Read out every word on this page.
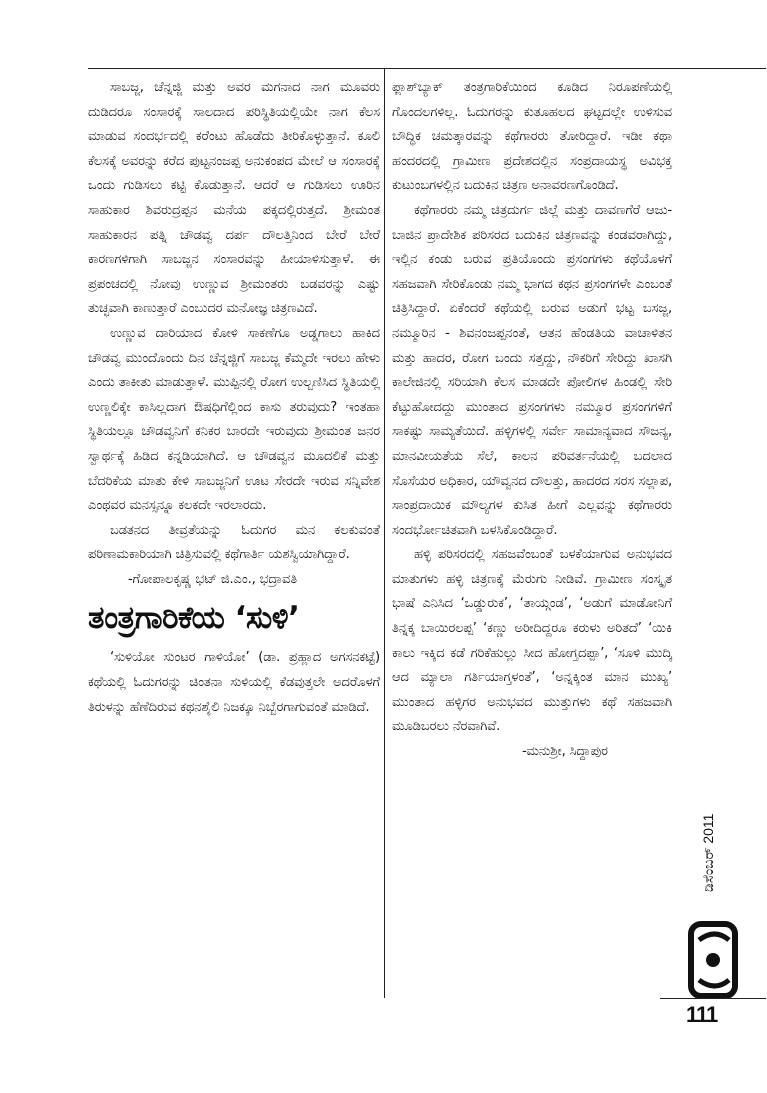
ಸಾಬಜ್ಜ, ಚೆನ್ನಜ್ಜಿ ಮತ್ತು ಅವರ ಮಗನಾದ ನಾಗ ಮೂವರು ದುಡಿದರೂ ಸಂಸಾರಕ್ಕೆ ಸಾಲದಾದ ಪರಿಸ್ಥಿತಿಯಲ್ಲಿಯೇ ನಾಗ ಕೆಲಸ ಮಾಡುವ ಸಂದರ್ಭದಲ್ಲಿ ಕರೆಂಟು ಹೊಡೆದು ತೀರಿಕೊಳ್ಳುತ್ತಾನೆ. ಕೂಲಿ ಕೆಲಸಕ್ಕೆ ಅವರನ್ನು ಕರೆದ ಪುಟ್ಟನಂಜಪ್ಪ ಅನುಕಂಪದ ಮೇಲೆ ಆ ಸಂಸಾರಕ್ಕೆ ಒಂದು ಗುಡಿಸಲು ಕಟ್ಟಿ ಕೊಡುತ್ತಾನೆ. ಆದರೆ ಆ ಗುಡಿಸಲು ಊರಿನ ಸಾಹುಕಾರ ಶಿವರುದ್ರಪ್ಪನ ಮನೆಯ ಪಕ್ಕದಲ್ಲಿರುತ್ತದೆ. ಶ್ರೀಮಂತ ಸಾಹುಕಾರನ ಪತ್ನಿ ಚೌಡವ್ವ ದರ್ಪ ದೌಲತ್ತಿನಿಂದ ಬೇರೆ ಬೇರೆ ಕಾರಣಗಳಿಗಾಗಿ ಸಾಬಜ್ಜನ ಸಂಸಾರವನ್ನು ಹೀಯಾಳಿಸುತ್ತಾಳೆ. ಈ ಪ್ರಪಂಚದಲ್ಲಿ ನೋವು ಉಣ್ಣುವ ಶ್ರೀಮಂತರು ಬಡವರನ್ನು ಎಷ್ಟು ತುಚ್ಛವಾಗಿ ಕಾಣುತ್ತಾರೆ ಎಂಬುದರ ಮನೋಜ್ಞ ಚಿತ್ರಣವಿದೆ.

ಉಣ್ಣುವ ದಾರಿಯಾದ ಕೋಳಿ ಸಾಕಣೆಗೂ ಅಡ್ಡಗಾಲು ಹಾಕಿದ ಚೌಡವ್ವ ಮುಂದೊಂದು ದಿನ ಚೆನ್ನಜ್ಜಿಗೆ ಸಾಬಜ್ಜ ಕೆಮ್ಮದೇ ಇರಲು ಹೇಳು ಎಂದು ತಾಕೀತು ಮಾಡುತ್ತಾಳೆ. ಮುಪ್ಪಿನಲ್ಲಿ ರೋಗ ಉಲ್ಬಣಿಸಿದ ಸ್ಥಿತಿಯಲ್ಲಿ ಉಣ್ಣಲಿಕ್ಕೇ ಕಾಸಿಲ್ಲದಾಗ ಔಷಧಿಗೆಲ್ಲಿಂದ ಕಾಸು ತರುವುದು? ಇಂತಹಾ ಸ್ಥಿತಿಯಲ್ಲೂ ಚೌಡವ್ವನಿಗೆ ಕನಿಕರ ಬಾರದೇ ಇರುವುದು ಶ್ರೀಮಂತ ಜನರ ಸ್ವಾರ್ಥಕ್ಕೆ ಹಿಡಿದ ಕನ್ನಡಿಯಾಗಿದೆ. ಆ ಚೌಡವ್ವನ ಮೂದಲಿಕೆ ಮತ್ತು ಬೆದರಿಕೆಯ ಮಾತು ಕೇಳಿ ಸಾಬಜ್ಜನಿಗೆ ಊಟ ಸೇರದೇ ಇರುವ ಸನ್ನಿವೇಶ ಎಂಥವರ ಮನಸ್ಸನ್ನೂ ಕಲಕದೇ ಇರಲಾರದು.

ಬಡತನದ ತೀವ್ರತೆಯನ್ನು ಓದುಗರ ಮನ ಕಲಕುವಂತೆ ಪರಿಣಾಮಕಾರಿಯಾಗಿ ಚಿತ್ರಿಸುವಲ್ಲಿ ಕಥೆಗಾರ್ತಿ ಯಶಸ್ವಿಯಾಗಿದ್ದಾರೆ.

-ಗೋಪಾಲಕೃಷ್ಣ ಭಟ್ ಜಿ.ಎಂ., ಭದ್ರಾವತಿ

ತಂತ್ರಗಾರಿಕೆಯ ‘ಸುಳಿ’

‘ಸುಳಿಯೋ ಸುಂಟರ ಗಾಳಿಯೋ’ (ಡಾ. ಪ್ರಹ್ಲಾದ ಅಗಸನಕಟ್ಟೆ) ಕಥೆಯಲ್ಲಿ ಓದುಗರನ್ನು ಚಿಂತನಾ ಸುಳಿಯಲ್ಲಿ ಕೆಡವುತ್ತಲೇ ಅದರೊಳಗೆ ತಿರುಳನ್ನು ಹೆಣೆದಿರುವ ಕಥನಶೈಲಿ ನಿಜಕ್ಕೂ ನಿಬ್ಬೆರಗಾಗುವಂತೆ ಮಾಡಿದೆ.

ಫ್ಲಾಶ್‌ಬ್ಯಾಕ್ ತಂತ್ರಗಾರಿಕೆಯಿಂದ ಕೂಡಿದ ನಿರೂಪಣೆಯಲ್ಲಿ ಗೊಂದಲಗಳಿಲ್ಲ. ಓದುಗರನ್ನು ಕುತೂಹಲದ ಘಟ್ಟದಲ್ಲೇ ಉಳಿಸುವ ಬೌದ್ಧಿಕ ಚಮತ್ಕಾರವನ್ನು ಕಥೆಗಾರರು ತೋರಿದ್ದಾರೆ. ಇಡೀ ಕಥಾ ಹಂದರದಲ್ಲಿ ಗ್ರಾಮೀಣ ಪ್ರದೇಶದಲ್ಲಿನ ಸಂಪ್ರದಾಯಸ್ಥ ಅವಿಭಕ್ತ ಕುಟುಂಬಗಳಲ್ಲಿನ ಬದುಕಿನ ಚಿತ್ರಣ ಅನಾವರಣಗೊಂಡಿದೆ.

ಕಥೆಗಾರರು ನಮ್ಮ ಚಿತ್ರದುರ್ಗ ಜಿಲ್ಲೆ ಮತ್ತು ದಾವಣಗೆರೆ ಆಜು-ಬಾಜಿನ ಪ್ರಾದೇಶಿಕ ಪರಿಸರದ ಬದುಕಿನ ಚಿತ್ರಣವನ್ನು ಕಂಡವರಾಗಿದ್ದು, ಇಲ್ಲಿನ ಕಂಡು ಬರುವ ಪ್ರತಿಯೊಂದು ಪ್ರಸಂಗಗಳು ಕಥೆಯೊಳಗೆ ಸಹಜವಾಗಿ ಸೇರಿಕೊಂಡು ನಮ್ಮ ಭಾಗದ ಕಥನ ಪ್ರಸಂಗಗಳೇ ಎಂಬಂತೆ ಚಿತ್ರಿಸಿದ್ದಾರೆ. ಏಕೆಂದರೆ ಕಥೆಯಲ್ಲಿ ಬರುವ ಅಡುಗೆ ಭಟ್ಟ ಬಸಜ್ಜ, ನಮ್ಮೂರಿನ - ಶಿವನಂಜಪ್ಪನಂತೆ, ಆತನ ಹೆಂಡತಿಯ ವಾಚಾಳಿತನ ಮತ್ತು ಹಾದರ, ರೋಗ ಬಂದು ಸತ್ತದ್ದು, ನೌಕರಿಗೆ ಸೇರಿದ್ದು ಖಾಸಗಿ ಕಾಲೇಜಿನಲ್ಲಿ ಸರಿಯಾಗಿ ಕೆಲಸ ಮಾಡದೇ ಪೋಲಿಗಳ ಹಿಂಡಲ್ಲಿ ಸೇರಿ ಕೆಟ್ಟುಹೋದದ್ದು ಮುಂತಾದ ಪ್ರಸಂಗಗಳು ನಮ್ಮೂರ ಪ್ರಸಂಗಗಳಿಗೆ ಸಾಕಷ್ಟು ಸಾಮ್ಯತೆಯಿದೆ. ಹಳ್ಳಿಗಳಲ್ಲಿ ಸರ್ವೇ ಸಾಮಾನ್ಯವಾದ ಸೌಜನ್ಯ, ಮಾನವೀಯತೆಯ ಸೆಲೆ, ಕಾಲನ ಪರಿವರ್ತನೆಯಲ್ಲಿ ಬದಲಾದ ಸೊಸೆಯರ ಅಧಿಕಾರ, ಯೌವ್ವನದ ದೌಲತ್ತು, ಹಾದರದ ಸರಸ ಸಲ್ಲಾಪ, ಸಾಂಪ್ರದಾಯಿಕ ಮೌಲ್ಯಗಳ ಕುಸಿತ ಹೀಗೆ ಎಲ್ಲವನ್ನು ಕಥೆಗಾರರು ಸಂದರ್ಭೋಚಿತವಾಗಿ ಬಳಸಿಕೊಂಡಿದ್ದಾರೆ.

ಹಳ್ಳಿ ಪರಿಸರದಲ್ಲಿ ಸಹಜವೆಂಬಂತೆ ಬಳಕೆಯಾಗುವ ಅನುಭವದ ಮಾತುಗಳು ಹಳ್ಳಿ ಚಿತ್ರಣಕ್ಕೆ ಮೆರುಗು ನೀಡಿವೆ. ಗ್ರಾಮೀಣ ಸಂಸ್ಕೃತ ಭಾಷೆ ಎನಿಸಿದ ‘ಒಡ್ಡುರುಕ’, ‘ತಾಯ್ಗಂಡ’, ‘ಅಡುಗೆ ಮಾಡೋನಿಗೆ ತಿನ್ನಕ್ಕ ಬಾಯಿರಲಪ್ಪ’ ‘ಕಣ್ಣು ಅರೀದಿದ್ದರೂ ಕರುಳು ಅರಿತದೆ’ ‘ಯಿಕಿ ಕಾಲು ಇಕ್ಕಿದ ಕಡೆ ಗರಿಕೆಹುಲ್ಲು ಸೀದ ಹೋಗ್ತದಪ್ಪಾ’, ‘ಸೂಳಿ ಮುದ್ಕಿ ಆದ ಮ್ಯಾಲಾ ಗರ್ತಿಯಾಗ್ತಳಂತೆ’, ‘ಅನ್ನಕ್ಕಿಂತ ಮಾನ ಮುಖ್ಯ’ ಮುಂತಾದ ಹಳ್ಳಿಗರ ಅನುಭವದ ಮುತ್ತುಗಳು ಕಥೆ ಸಹಜವಾಗಿ ಮೂಡಿಬರಲು ನೆರವಾಗಿವೆ.

-ಮನುಶ್ರೀ, ಸಿದ್ದಾಪುರ

ಡಿಸೆಂಬರ್ 2011
111
